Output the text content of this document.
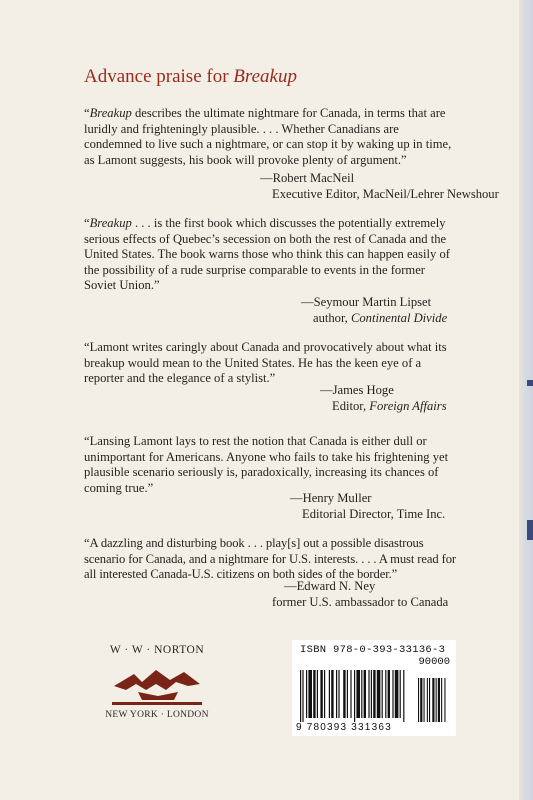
Advance praise for Breakup

“Breakup describes the ultimate nightmare for Canada, in terms that are luridly and frighteningly plausible. . . . Whether Canadians are condemned to live such a nightmare, or can stop it by waking up in time, as Lamont suggests, his book will provoke plenty of argument.”

—Robert MacNeil
Executive Editor, MacNeil/Lehrer Newshour

“Breakup . . . is the first book which discusses the potentially extremely serious effects of Quebec’s secession on both the rest of Canada and the United States. The book warns those who think this can happen easily of the possibility of a rude surprise comparable to events in the former Soviet Union.”

—Seymour Martin Lipset
author, Continental Divide

“Lamont writes caringly about Canada and provocatively about what its breakup would mean to the United States. He has the keen eye of a reporter and the elegance of a stylist.”

—James Hoge
Editor, Foreign Affairs

“Lansing Lamont lays to rest the notion that Canada is either dull or unimportant for Americans. Anyone who fails to take his frightening yet plausible scenario seriously is, paradoxically, increasing its chances of coming true.”

—Henry Muller
Editorial Director, Time Inc.

“A dazzling and disturbing book . . . play[s] out a possible disastrous scenario for Canada, and a nightmare for U.S. interests. . . . A must read for all interested Canada-U.S. citizens on both sides of the border.”

—Edward N. Ney
former U.S. ambassador to Canada
W · W · NORTON
NEW YORK · LONDON
ISBN 978-0-393-33136-3
90000
9 780393 331363
